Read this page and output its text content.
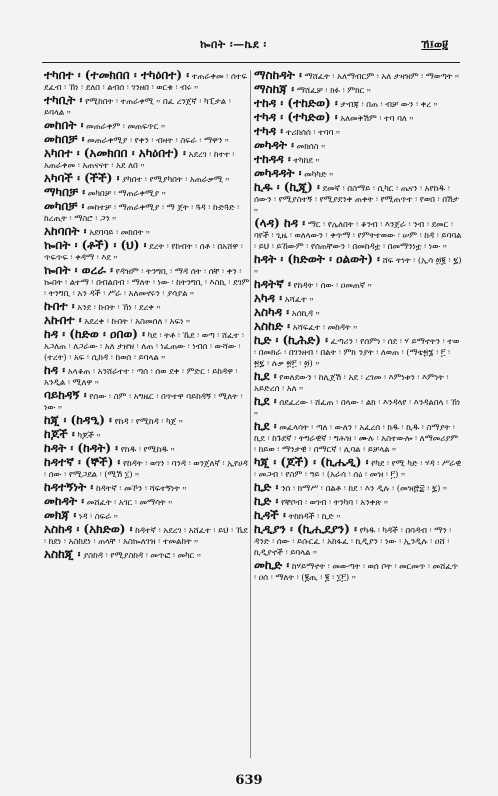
ኰበት ፡—ኬደ ፡	ኸ፤ወ፱
ተካበተ ፡ (ተመክበበ ፡ ተካዕበተ) ፡ ተጠራቀመ ፡ ሰተፍ ፡ ደፈብ ፡ ኸነ ፡ ደለበ ፡ ልብሰ ፡ ገንዘበ ፡ ወርቁ ፡ ብሩ ።
ተካቢት ፡ የሚከበት ፡ ተጠራቀሚ ። በፈ ረንጀኛ ፡ ካፒታል ፡ ይባላል ።
መከበት ፡ መጠራቀም ፡ መጠፍጥር ።
መከበቻ ፡ መጠራቀሚያ ፡ የቀን ፡ ብዛት ፡ ስፍራ ፡ ማዋን ።
አካበተ ፡ (አመክበበ ፡ አካዕበተ) ፡ አደረገ ፡ ከተተ ፡ አጠራቀመ ፡ አጠናናተ ፡ አደ ለበ ።
አካባች ፡ (ችች) ፡ ያካበተ ፡ የሚያካበት ፡ አጠራቃሚ ።
ማካበቻ ፡ መካበቻ ፡ ማጠራቀሚያ ።
መካበቻ ፡ መከተቻ ፡ ማጠራቀሚያ ፡ ማ ጀት ፡ ጓዳ ፡ ኩድጓድ ፡ ከረጢት ፡ ማስሮ ፡ ጋን ።
አከባበት ፡ አደባባይ ፡ መክበት ።
ኰበት ፡ (ቶች) ፡ (ህ) ፡ ደረት ፡ የከብት ፡ ሰቶ ፡ በአሸዋ ፡ ጥፍጥፍ ፡ ቀዳማ ፡ እደ ።
ኰበት ፡ ወረራ ፡ የዳዝም ፡ ትንግቢ ፡ ማዳ ሰት ፡ ሰቸ ፡ ቀን ፡ ኰበት ፡ ልተማ ፡ በብልበብ ፡ ማለት ፡ ነው ፡ ከትንግቢ ፡ እስኪ ፡ ደገም ፡ ትንግቢ ፡ አን ዳች ፡ ሥራ ፡ አለመኖሩን ፡ ያሳያል ።
ኩበተ ፡ አንደ ፡ ኩበት ፡ ኸነ ፡ ደረቀ ።
አኩበተ ፡ አደረቀ ፡ ኩበት ፡ አስመሰለ ፡ አፍነ ።
ከዳ ፡ (ከድወ ፡ ዐበወ) ፡ ካደ ፡ ትቶ ፡ ኼደ ፡ ወጣ ፡ ሸፈተ ፡ አጋለጠ ፡ ለጋራው ፡ አለ ታዘዝ ፡ ለጠ ፡ ነፈጠው ፡ ነብሰ ፡ ውሻው ፡ (ተረት) ፡ አፍ ፡ ሲከዳ ፡ ከወሰ ፡ ይባላል ።
ከዳ ፡ አላቆጠ ፡ አንሸራተተ ፡ ጣሰ ፡ ሰወ ደቀ ፡ ምድር ፡ ይከዳዋ ፡ አንዲል ፡ ሚለዋ ።
ባይከዳኝ ፡ የሰው ፡ ስም ፡ አግዜር ፡ በጥተዋ ባይከዳኝ ፡ ሚለት ፡ ነው ።
ከጂ ፡ (ከዳዒ) ፡ የከዳ ፡ የሚከዳ ፡ ካጀ ።
ከጆች ፡ ካጆች ።
ከዳት ፡ (ከዳት) ፡ የከዱ ፡ የሚከዱ ።
ከዳተኛ ፡ (ኞች) ፡ የከዳት ፡ ወገን ፡ ባንዳ ፡ ወንጀለኛ ፡ ኢየሀዳ ፡ ሰው ፡ የሚጋደል ፡ (ሚሽ ፲) ።
ከዳተኝነት ፡ ከዳትኛ ፡ መኾን ፡ ሻፍተኝነት ።
መከዳት ፡ መሸፈት ፡ አገር ፡ መማሳት ።
መክጃ ፡ ነዳ ፡ ስፍራ ።
አስከዳ ፡ (አክድወ) ፡ ከዳተኛ ፡ አደረገ ፡ አሸፈተ ፡ ይህ ፡ ኼደ ፡ ከደነ ፡ አስከደነ ፡ ጠላቸ ፡ አስኰለገዝ ፡ ተመልከት ።
አስከጂ ፡ ያስከዳ ፡ የሚያስከዳ ፡ መጥፎ ፡ መካር ።
ማስከዳት ፡ ማሸፈት ፡ አለማብርም ፡ አለ ታዛዝም ፡ ማወጣት ።
ማስከጃ ፡ ማሸፈቻ ፡ ክፉ ፡ ምክር ።
ተከዳ ፡ (ተከድወ) ፡ ታብጃ ፡ በጠ ፡ ብቻ ውን ፡ ቀረ ።
ተካዳ ፡ (ተካድወ) ፡ አለመቅሽም ፡ ተባ ባለ ።
ተካዳ ፡ ተሪከሰሰ ፡ ተባባ ።
መካዳት ፡ መክሰስ ።
ተከዳዳ ፡ ተካከደ ።
መካዳዳት ፡ መካካድ ።
ኪዱ ፡ (ኪጂ) ፡ ደመኛ ፡ በስማይ ፡ ሲካር ፡ ጤናን ፡ አየከዱ ፡ ሰውን ፡ የሚያስተኝ ፡ የሚያደንቀ ጠቀት ፡ የሚጠጥተ ፡ የወበ ፡ በሽታ ።
(ላዳ) ከዳ ፡ ማር ፡ የሌለበት ፡ ቆንብ ፡ እንጀራ ፡ ንብ ፡ ደመር ፡ ባየች ፡ ጊዜ ፡ ወለላውን ፡ ቀጥማ ፡ የምትተወው ፡ ሠም ፡ ከዳ ፡ ይባባል ፡ ይህ ፡ ይኸውም ፡ የሰጠቸውን ፡ በመከዳቷ ፡ በመማንነቷ ፡ ነው ።
ከዳት ፡ (ክድወት ፡ ዐልወት) ፡ ሸፍ ትነት ፡ (ኢሳ ፴፪ ፡ ፯) ።
ከዳትኛ ፡ የከዳት ፡ ሰው ፡ ዐመጠኛ ።
አካዳ ፡ አሻፈተ ።
አስካዳ ፡ አሰኪዳ ።
አስከድ ፡ አሻፍፈተ ፡ መከዳት ።
ኪድ ፡ (ኪሕድ) ፡ ፈጣሪን ፡ የሰምነ ፡ ሰደ ፡ ሃ ይማኖትን ፡ ተወ ፡ በመክራ ፡ በገንዘብ ፡ በልት ፡ ምክ ንያት ፡ ለወጠ ፡ (ማቴ፳፮ ፡ ፫ ፡ ፳፯ ፡ ሉቃ ፳፫ ፡ ፴) ።
ኪደ ፡ የወለደውን ፡ ከሊጀሽ ፡ አደ ፡ ረገመ ፡ እምነቱን ፡ እምነት ፡ አይድረሰ ፡ አለ ።
ኪደ ፡ ሰደፈረው ፡ ሸፈጠ ፡ በላው ፡ ልክ ፡ እንዳላየ ፡ እንዳልበላ ፡ ኸነ ።
ኪደ ፡ መፈላሳት ፡ ጣለ ፡ ውለን ፡ አፈረሰ ፡ ክዱ ፡ ኪዱ ፡ ስማያት ፡ ኪደ ፡ ከጉደኛ ፡ ትግራዊኛ ፡ ግሕዝ ፡ ሙሉ ፡ አስተውሎ ፡ ለማመሪያም ፡ ከይወ ፡ ማንታዊ ፡ በማርኛ ፡ ሊባል ፡ ይቻላል ።
ካጂ ፡ (ጆች) ፡ (ኪሔዲ) ፡ የካደ ፡ የሚ ካድ ፡ ሃዳ ፡ ሥራዊ ፡ መጋብ ፡ የስም ፡ ዓይ ፡ (አራሳ ፡ ሰዕ ፡ መዝ ፡ ፫) ።
ኪድ ፡ ንሰ ፡ ክማሥ ፡ በልቶ ፡ ከደ ፡ እን ዲሉ ፡ (መዝ፸፰ ፡ ፯) ።
ኪድ ፡ የቸቦብ ፡ ወገብ ፡ ትንካባ ፡ አንቀጽ ።
ኪዳች ፡ ትከክዳች ፡ ኪድ ።
ኪዲያን ፡ (ኪሒደያን) ፡ የካዱ ፡ ካዳች ፡ በባዳብ ፡ ማን ፡ ዳንድ ፡ ሰው ፡ ይሱርፈ ፡ አከፋፈ ፡ ኪዲያን ፡ ነው ፡ ኢንዲሉ ፡ ዐሸ ፡ ኪዲያኖች ፡ ይባላል ።
መኪድ ፡ ከሃይማኖት ፡ መውጣት ፡ ወሰ ቦት ፡ መርመጥ ፡ መሸፈጥ ፡ ዐሰ ፡ ማለት ፡ (፪ጢ ፡ ፪ ፡ ፲፫) ።
639
